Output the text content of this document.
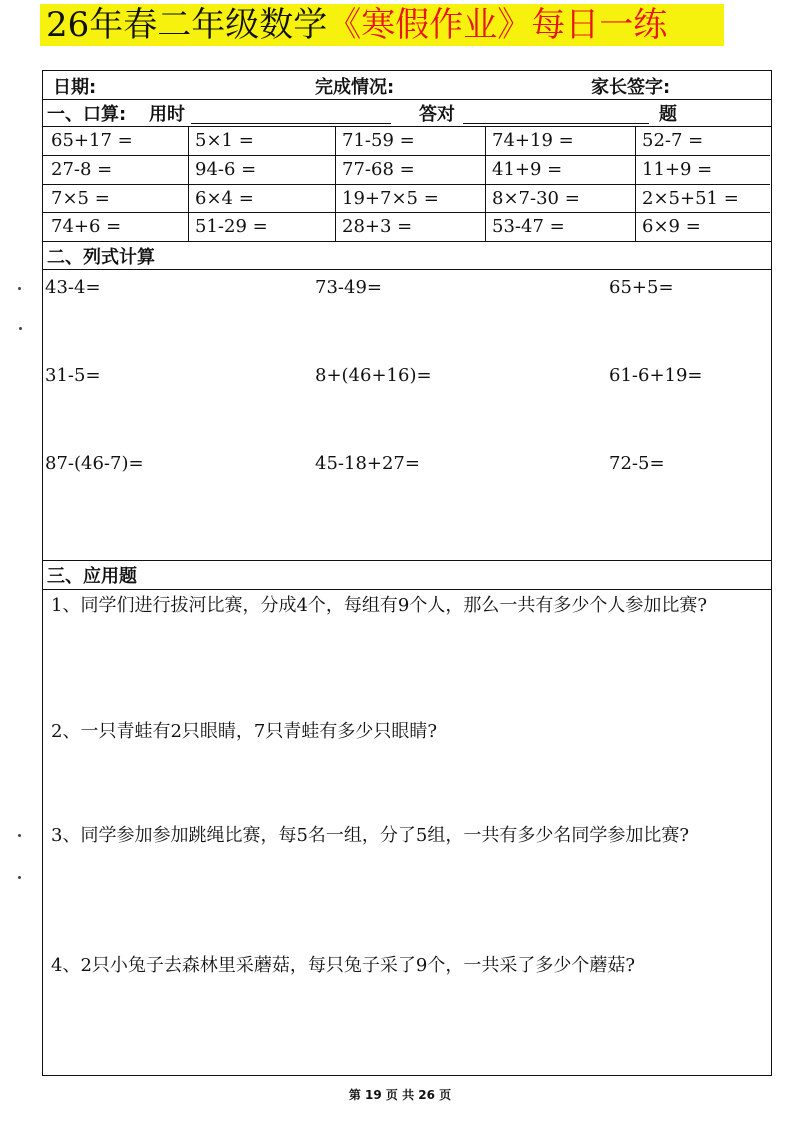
26年春二年级数学《寒假作业》每日一练
日期:	完成情况:	家长签字:
一、口算: 用时	答对	题
65+17 =	5×1 =	71-59 =	74+19 =	52-7 =
27-8 =	94-6 =	77-68 =	41+9 =	11+9 =
7×5 =	6×4 =	19+7×5 =	8×7-30 =	2×5+51 =
74+6 =	51-29 =	28+3 =	53-47 =	6×9 =
二、列式计算
43-4=	73-49=	65+5=
31-5=	8+(46+16)=	61-6+19=
87-(46-7)=	45-18+27=	72-5=
三、应用题
1、同学们进行拔河比赛，分成4个，每组有9个人，那么一共有多少个人参加比赛?
2、一只青蛙有2只眼睛，7只青蛙有多少只眼睛?
3、同学参加参加跳绳比赛，每5名一组，分了5组，一共有多少名同学参加比赛?
4、2只小兔子去森林里采蘑菇，每只兔子采了9个，一共采了多少个蘑菇?
第 19 页 共 26 页
